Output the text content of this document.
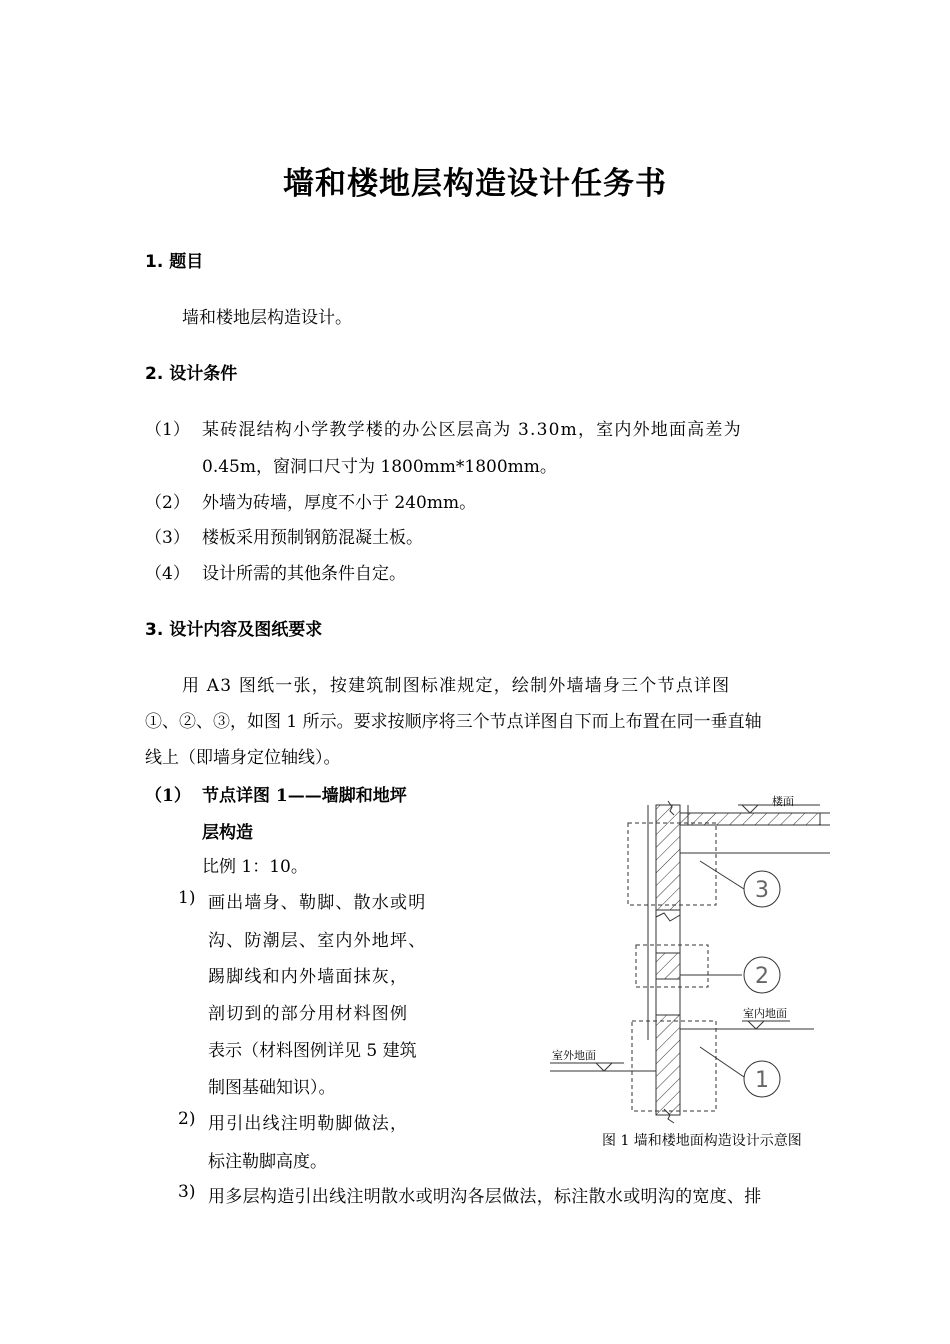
墙和楼地层构造设计任务书
1. 题目
墙和楼地层构造设计。
2. 设计条件
（1） 某砖混结构小学教学楼的办公区层高为 3.30m，室内外地面高差为
0.45m，窗洞口尺寸为 1800mm*1800mm。
（2） 外墙为砖墙，厚度不小于 240mm。
（3） 楼板采用预制钢筋混凝土板。
（4） 设计所需的其他条件自定。
3. 设计内容及图纸要求
用 A3 图纸一张，按建筑制图标准规定，绘制外墙墙身三个节点详图
①、②、③，如图 1 所示。要求按顺序将三个节点详图自下而上布置在同一垂直轴
线上（即墙身定位轴线）。
（1） 节点详图 1——墙脚和地坪
层构造
比例 1：10。
1) 画出墙身、勒脚、散水或明
沟、防潮层、室内外地坪、
踢脚线和内外墙面抹灰，
剖切到的部分用材料图例
表示（材料图例详见 5 建筑
制图基础知识）。
2) 用引出线注明勒脚做法，
标注勒脚高度。
3) 用多层构造引出线注明散水或明沟各层做法，标注散水或明沟的宽度、排
楼面
室内地面
室外地面
3
2
1
图 1 墙和楼地面构造设计示意图
